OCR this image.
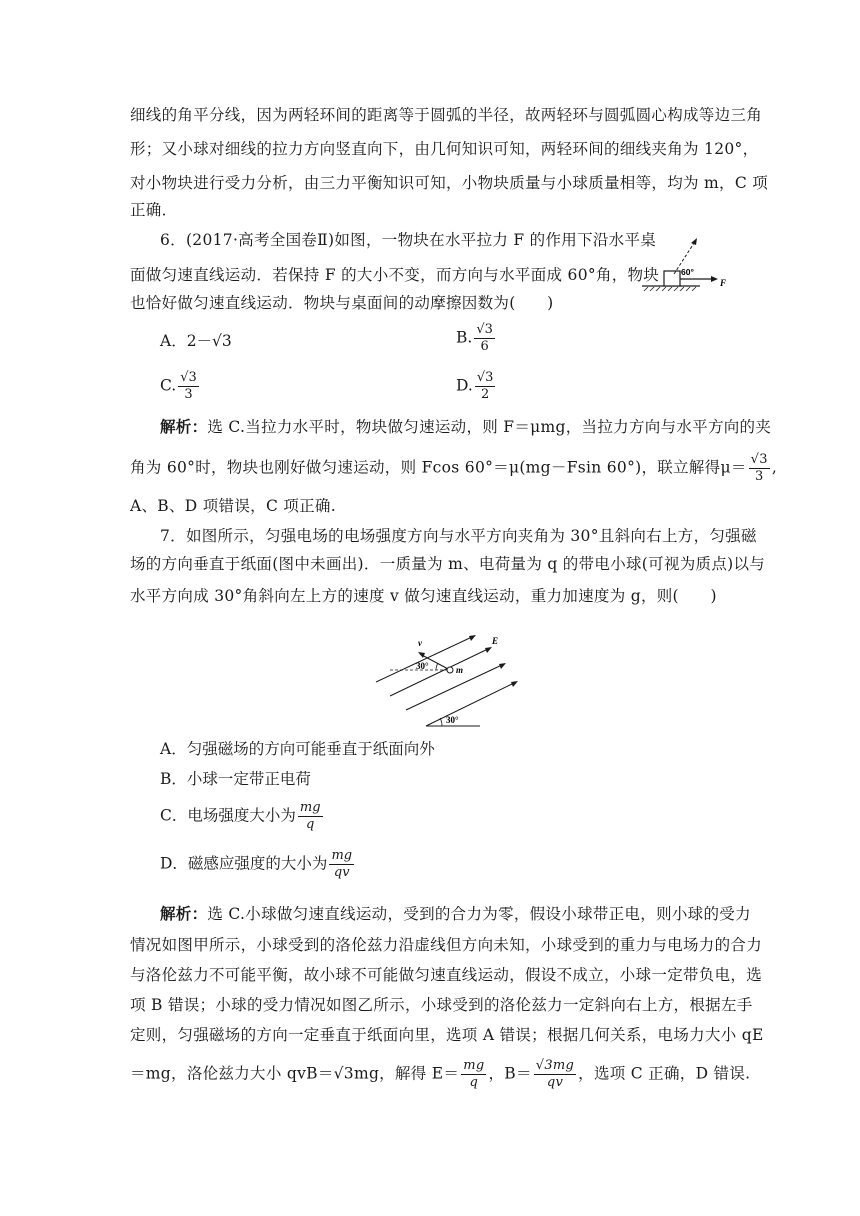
细线的角平分线，因为两轻环间的距离等于圆弧的半径，故两轻环与圆弧圆心构成等边三角
形；又小球对细线的拉力方向竖直向下，由几何知识可知，两轻环间的细线夹角为 120°，
对小物块进行受力分析，由三力平衡知识可知，小物块质量与小球质量相等，均为 m，C 项
正确．
6．(2017·高考全国卷Ⅱ)如图，一物块在水平拉力 F 的作用下沿水平桌
面做匀速直线运动．若保持 F 的大小不变，而方向与水平面成 60°角，物块
也恰好做匀速直线运动．物块与桌面间的动摩擦因数为(　　)
60°
F
A．2－√3	B. $\frac{√3}{6}$
C. $\frac{√3}{3}$	D. $\frac{√3}{2}$
解析：选 C.当拉力水平时，物块做匀速运动，则 F＝μmg，当拉力方向与水平方向的夹
角为 60°时，物块也刚好做匀速运动，则 Fcos 60°＝μ(mg－Fsin 60°)，联立解得$\mu= \frac{√3}{3}$ ,
A、B、D 项错误，C 项正确.
7．如图所示，匀强电场的电场强度方向与水平方向夹角为 30°且斜向右上方，匀强磁
场的方向垂直于纸面(图中未画出)．一质量为 m、电荷量为 q 的带电小球(可视为质点)以与
水平方向成 30°角斜向左上方的速度 v 做匀速直线运动，重力加速度为 g，则(　　)
v	E
m
30°
30°
A．匀强磁场的方向可能垂直于纸面向外
B．小球一定带正电荷
C．电场强度大小为 $\frac{mg}{q}$
D．磁感应强度的大小为 $\frac{mg}{qv}$
解析：选 C.小球做匀速直线运动，受到的合力为零，假设小球带正电，则小球的受力
情况如图甲所示，小球受到的洛伦兹力沿虚线但方向未知，小球受到的重力与电场力的合力
与洛伦兹力不可能平衡，故小球不可能做匀速直线运动，假设不成立，小球一定带负电，选
项 B 错误；小球的受力情况如图乙所示，小球受到的洛伦兹力一定斜向右上方，根据左手
定则，匀强磁场的方向一定垂直于纸面向里，选项 A 错误；根据几何关系，电场力大小 qE
＝mg，洛伦兹力大小 qvB＝√3mg，解得 $E= \frac{mg}{q}$ ，$B= \frac{√3mg}{qv}$ ，选项 C 正确，D 错误.
